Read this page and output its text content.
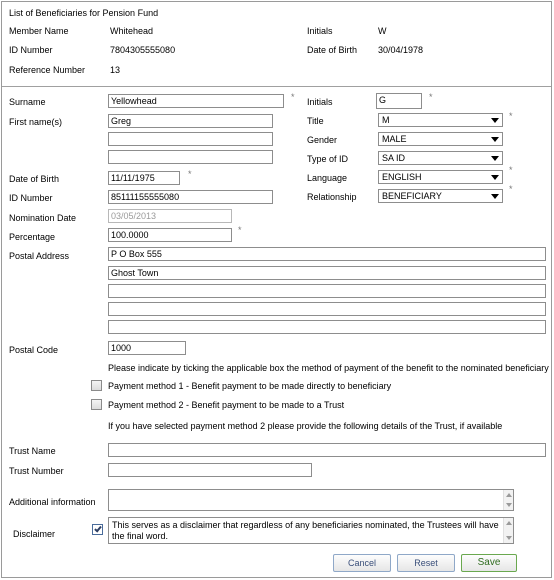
List of Beneficiaries for Pension Fund
Member Name	Whitehead	Initials	W
ID Number	7804305555080	Date of Birth 30/04/1978
Reference Number	13
Surname	Yellowhead	* Initials	G	*
First name(s)	Greg	Title	M	*
Gender	MALE
Type of ID	SA ID
Date of Birth	11/11/1975	*	Language	ENGLISH
*
ID Number	85111155555080	Relationship	BENEFICIARY
*
Nomination Date	03/05/2013
Percentage	100.0000	*
Postal Address	P O Box 555
Ghost Town
Postal Code	1000
Please indicate by ticking the applicable box the method of payment of the benefit to the nominated beneficiary
Payment method 1 - Benefit payment to be made directly to beneficiary
Payment method 2 - Benefit payment to be made to a Trust
If you have selected payment method 2 please provide the following details of the Trust, if available
Trust Name
Trust Number
Additional information
Disclaimer
This serves as a disclaimer that regardless of any beneficiaries nominated, the Trustees will have the final word.
Cancel	Reset	Save
